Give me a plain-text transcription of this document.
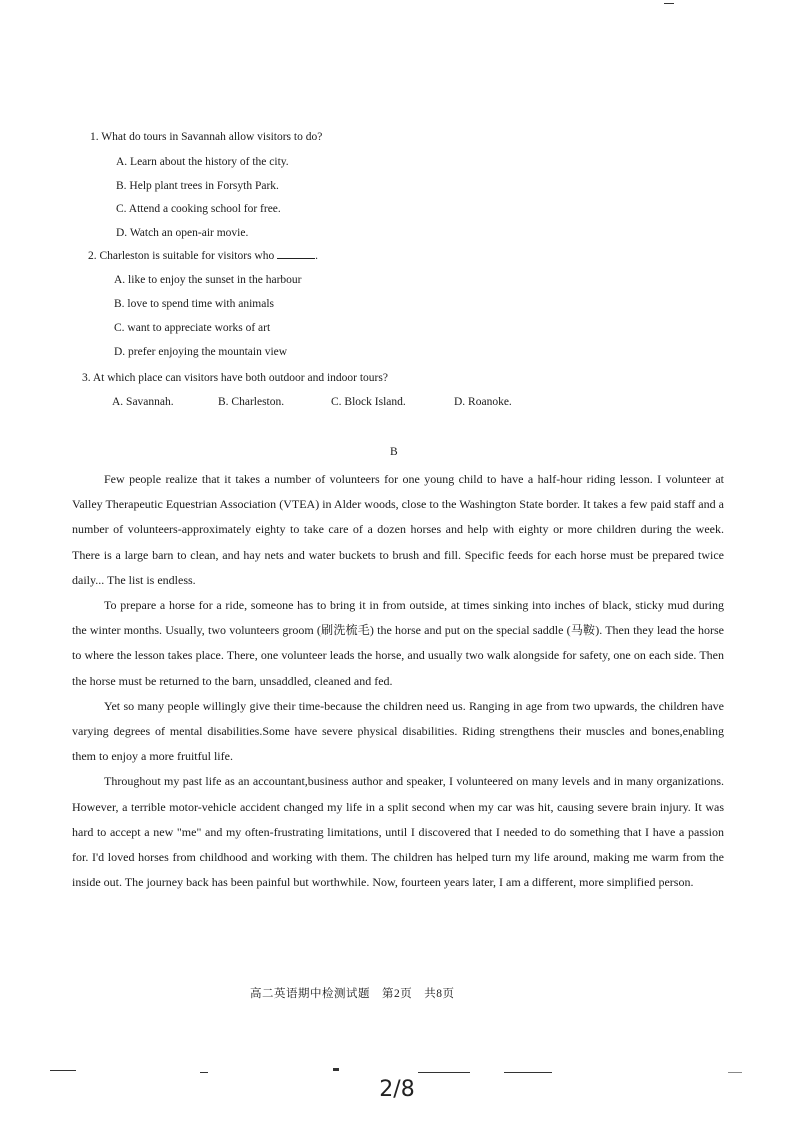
1. What do tours in Savannah allow visitors to do?
A. Learn about the history of the city.
B. Help plant trees in Forsyth Park.
C. Attend a cooking school for free.
D. Watch an open-air movie.
2. Charleston is suitable for visitors who	.
A. like to enjoy the sunset in the harbour
B. love to spend time with animals
C. want to appreciate works of art
D. prefer enjoying the mountain view
3. At which place can visitors have both outdoor and indoor tours?
A. Savannah.	B. Charleston.	C. Block Island.	D. Roanoke.
B

Few people realize that it takes a number of volunteers for one young child to have a half-hour riding lesson. I volunteer at Valley Therapeutic Equestrian Association (VTEA) in Alder woods, close to the Washington State border. It takes a few paid staff and a number of volunteers-approximately eighty to take care of a dozen horses and help with eighty or more children during the week. There is a large barn to clean, and hay nets and water buckets to brush and fill. Specific feeds for each horse must be prepared twice daily... The list is endless.

To prepare a horse for a ride, someone has to bring it in from outside, at times sinking into inches of black, sticky mud during the winter months. Usually, two volunteers groom (刷洗梳毛) the horse and put on the special saddle (马鞍). Then they lead the horse to where the lesson takes place. There, one volunteer leads the horse, and usually two walk alongside for safety, one on each side. Then the horse must be returned to the barn, unsaddled, cleaned and fed.

Yet so many people willingly give their time-because the children need us. Ranging in age from two upwards, the children have varying degrees of mental disabilities.Some have severe physical disabilities. Riding strengthens their muscles and bones,enabling them to enjoy a more fruitful life.

Throughout my past life as an accountant,business author and speaker, I volunteered on many levels and in many organizations. However, a terrible motor-vehicle accident changed my life in a split second when my car was hit, causing severe brain injury. It was hard to accept a new "me" and my often-frustrating limitations, until I discovered that I needed to do something that I have a passion for. I'd loved horses from childhood and working with them. The children has helped turn my life around, making me warm from the inside out. The journey back has been painful but worthwhile. Now, fourteen years later, I am a different, more simplified person.

高二英语期中检测试题　第2页　共8页
2/8
